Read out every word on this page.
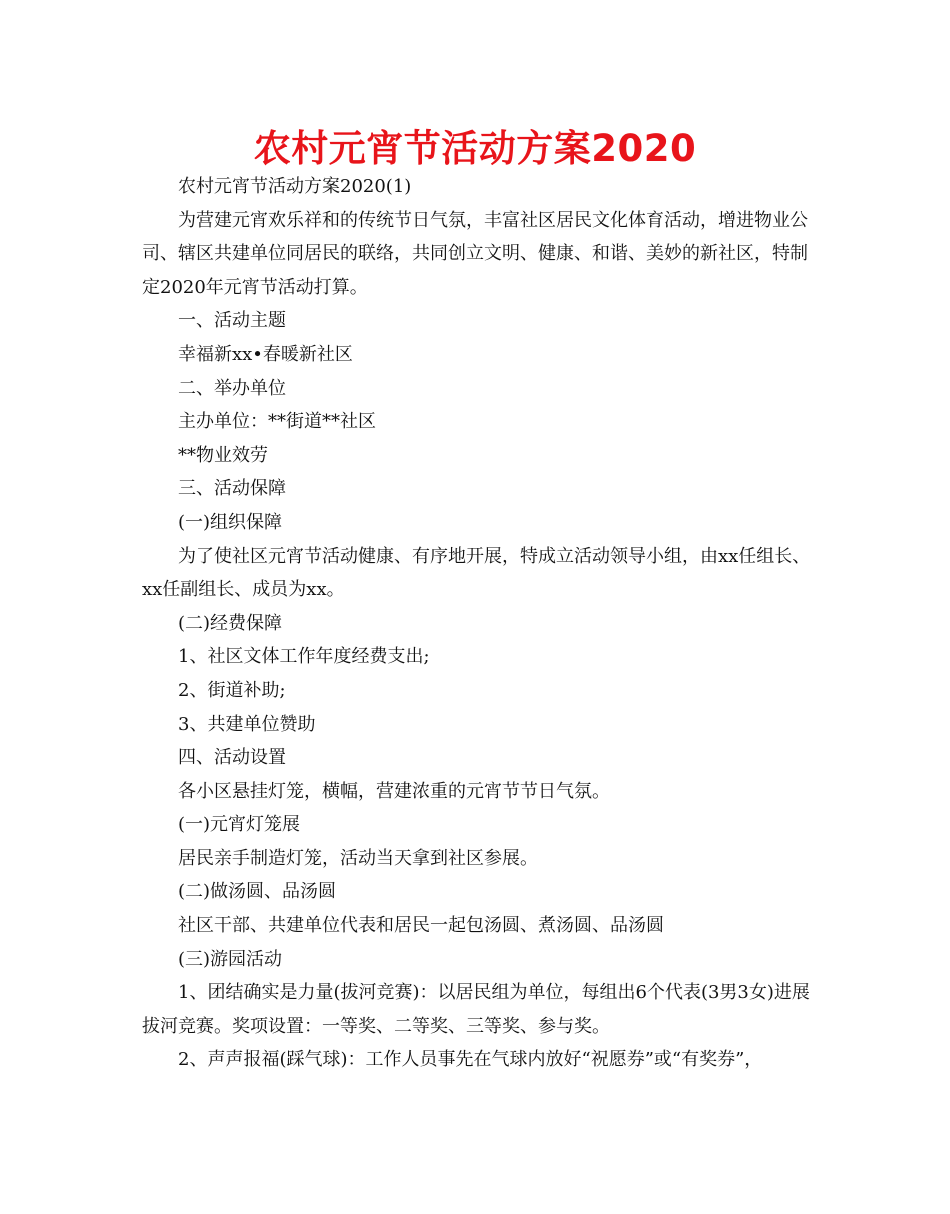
农村元宵节活动方案2020

农村元宵节活动方案2020(1)

为营建元宵欢乐祥和的传统节日气氛，丰富社区居民文化体育活动，增进物业公司、辖区共建单位同居民的联络，共同创立文明、健康、和谐、美妙的新社区，特制定2020年元宵节活动打算。

一、活动主题

幸福新xx•春暖新社区

二、举办单位

主办单位：**街道**社区

**物业效劳

三、活动保障

(一)组织保障

为了使社区元宵节活动健康、有序地开展，特成立活动领导小组，由xx任组长、xx任副组长、成员为xx。

(二)经费保障

1、社区文体工作年度经费支出;

2、街道补助;

3、共建单位赞助

四、活动设置

各小区悬挂灯笼，横幅，营建浓重的元宵节节日气氛。

(一)元宵灯笼展

居民亲手制造灯笼，活动当天拿到社区参展。

(二)做汤圆、品汤圆

社区干部、共建单位代表和居民一起包汤圆、煮汤圆、品汤圆

(三)游园活动

1、团结确实是力量(拔河竞赛)：以居民组为单位，每组出6个代表(3男3女)进展拔河竞赛。奖项设置：一等奖、二等奖、三等奖、参与奖。

2、声声报福(踩气球)：工作人员事先在气球内放好“祝愿券”或“有奖券”，
